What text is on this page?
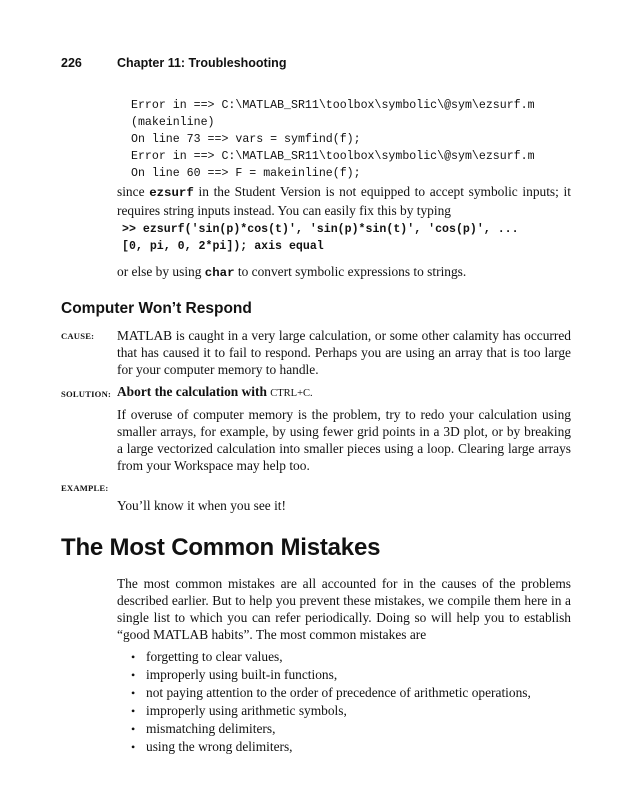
226	Chapter 11: Troubleshooting
Error in ==> C:\MATLAB_SR11\toolbox\symbolic\@sym\ezsurf.m
(makeinline)
On line 73 ==> vars = symfind(f);
Error in ==> C:\MATLAB_SR11\toolbox\symbolic\@sym\ezsurf.m
On line 60 ==> F = makeinline(f);

since ezsurf in the Student Version is not equipped to accept symbolic inputs; it requires string inputs instead. You can easily fix this by typing

>> ezsurf('sin(p)*cos(t)', 'sin(p)*sin(t)', 'cos(p)', ...
[0, pi, 0, 2*pi]); axis equal

or else by using char to convert symbolic expressions to strings.

Computer Won’t Respond
CAUSE: MATLAB is caught in a very large calculation, or some other calamity has occurred that has caused it to fail to respond. Perhaps you are using an array that is too large for your computer memory to handle.

SOLUTION: Abort the calculation with CTRL+C.

If overuse of computer memory is the problem, try to redo your calculation using smaller arrays, for example, by using fewer grid points in a 3D plot, or by breaking a large vectorized calculation into smaller pieces using a loop. Clearing large arrays from your Workspace may help too.

EXAMPLE:

You’ll know it when you see it!

The Most Common Mistakes

The most common mistakes are all accounted for in the causes of the problems described earlier. But to help you prevent these mistakes, we compile them here in a single list to which you can refer periodically. Doing so will help you to establish “good MATLAB habits”. The most common mistakes are

• forgetting to clear values,
• improperly using built-in functions,
• not paying attention to the order of precedence of arithmetic operations,
• improperly using arithmetic symbols,
• mismatching delimiters,
• using the wrong delimiters,
